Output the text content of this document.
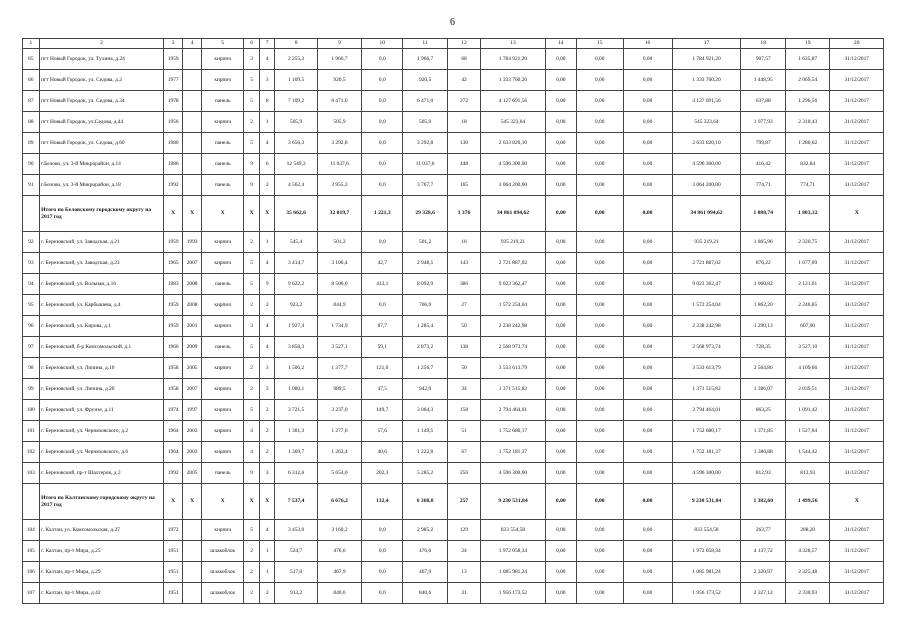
6
1	2	3	4	5	6	7	8	9	10	11	12	13	14	15	16	17	18	19	20
85	пгт Новый Городок, ул. Тухина, д.24	1959		кирпич	3	4	2 255,3	1 966,7	0,0	1 966,7	68	1 784 921,20	0,00	0,00	0,00	1 784 921,20	907,57	1 635,87	31/12/2017
86	пгт Новый Городок, ул. Седова, д.2	1977		кирпич	5	3	1 109,5	920,5	0,0	920,5	42	1 333 760,20	0,00	0,00	0,00	1 333 760,20	1 448,95	2 069,54	31/12/2017
87	пгт Новый Городок, ул. Седова, д.34	1978		панель	5	8	7 109,2	6 471,0	0,0	6 471,0	272	4 127 691,56	0,00	0,00	0,00	4 127 691,56	637,88	1 296,56	31/12/2017
88	пгт Новый Городок, ул.Седова, д.44	1956		кирпич	2	1	505,9	505,9	0,0	505,9	18	545 323,64	0,00	0,00	0,00	545 323,64	1 077,93	2 310,43	31/12/2017
89	пгт Новый Городок, ул. Седова, д.60	1980		панель	5	4	3 656,3	3 292,8	0,0	3 292,8	130	2 633 820,10	0,00	0,00	0,00	2 633 820,10	799,87	1 280,62	31/12/2017
90	г.Белово, ул. 3-й Микрорайон, д.14	1986		панель	9	6	12 549,3	11 037,6	0,0	11 037,6	448	4 596 300,00	0,00	0,00	0,00	4 596 300,00	416,42	832,84	31/12/2017
91	г.Белово, ул. 3-й Микрорайон, д.18	1992		панель	9	2	4 562,4	3 955,3	0,0	3 767,7	165	3 064 200,00	0,00	0,00	0,00	3 064 200,00	774,71	774,71	31/12/2017
	Итого по Беловскому городскому округу на 2017 год	X	X	X	X	X	35 662,6	32 019,7	1 221,3	29 328,6	1 376	34 861 094,62	0,00	0,00	0,00	34 861 094,62	1 088,74	1 803,32	X
92	г. Березовский, ул. Заводская, д.21	1959	1993	кирпич	2	1	545,4	501,2	0,0	501,2	16	935 219,21	0,00	0,00	0,00	935 219,21	1 865,96	2 320,75	31/12/2017
93	г. Березовский, ул. Заводская, д.23	1965	2007	кирпич	5	4	3 414,7	3 106,4	42,7	2 948,5	143	2 721 887,02	0,00	0,00	0,00	2 721 887,02	876,22	1 077,09	31/12/2017
94	г. Березовский, ул. Вольная, д.16	1983	2008	панель	5	9	9 622,2	8 506,0	413,1	8 092,9	386	9 023 362,47	0,00	0,00	0,00	9 023 362,47	1 060,82	2 121,01	31/12/2017
95	г. Березовский, ул. Карбышева, д.4	1959	2008	кирпич	2	2	923,2	844,9	0,0	766,9	27	1 572 254,04	0,00	0,00	0,00	1 572 254,04	1 862,20	2 240,85	31/12/2017
96	г. Березовский, ул. Кирова, д.1	1959	2001	кирпич	3	4	1 927,4	1 734,9	87,7	1 285,4	50	2 238 242,98	0,00	0,00	0,00	2 238 242,98	1 290,13	607,00	31/12/2017
97	г. Березовский, б-р Комсомольский, д.1	1966	2009	панель	5	4	3 858,3	3 527,1	59,1	2 873,2	138	2 568 973,74	0,00	0,00	0,00	2 568 973,74	728,35	3 527,10	31/12/2017
98	г. Березовский, ул. Липина, д.10	1958	2005	кирпич	2	3	1 506,2	1 377,7	121,0	1 256,7	50	3 533 613,79	0,00	0,00	0,00	3 533 613,79	2 564,86	4 109,66	31/12/2017
99	г. Березовский, ул. Липина, д.20	1958	2007	кирпич	2	3	1 080,1	989,5	47,5	942,0	34	1 371 515,82	0,00	0,00	0,00	1 371 515,82	1 386,07	2 039,51	31/12/2017
100	г. Березовский, ул. Фрунзе, д.11	1974	1997	кирпич	5	2	3 721,5	3 237,0	149,7	3 064,3	158	2 794 464,01	0,00	0,00	0,00	2 794 464,01	863,25	1 091,42	31/12/2017
101	г. Березовский, ул. Черняховского, д.2	1964	2003	кирпич	4	2	1 381,3	1 277,6	57,6	1 149,5	51	1 752 680,17	0,00	0,00	0,00	1 752 680,17	1 371,85	1 527,64	31/12/2017
102	г. Березовский, ул. Черняховского, д.6	1964	2003	кирпич	4	2	1 369,7	1 263,4	40,6	1 222,8	67	1 752 181,37	0,00	0,00	0,00	1 752 181,37	1 386,88	1 544,42	31/12/2017
103	г. Березовский, пр-т Шахтеров, д.3	1992	2005	панель	9	3	6 312,6	5 654,0	202,3	5 285,2	256	4 596 300,00	0,00	0,00	0,00	4 596 300,00	812,93	812,93	31/12/2017
	Итого по Калтанскому городскому округу на 2017 год	X	X	X	X	X	7 537,4	6 676,2	132,4	6 368,8	257	9 230 531,84	0,00	0,00	0,00	9 230 531,84	1 382,60	1 499,56	X
104	г. Калтан, ул. Комсомольская, д.27	1972		кирпич	5	4	3 453,0	3 160,2	0,0	2 985,2	129	833 554,58	0,00	0,00	0,00	833 554,58	263,77	288,20	31/12/2017
105	г. Калтан, пр-т Мира, д.25	1951		шлакоблок	2	1	524,7	476,6	0,0	476,6	24	1 972 058,34	0,00	0,00	0,00	1 972 058,34	4 137,72	4 328,57	31/12/2017
106	г. Калтан, пр-т Мира, д.29	1951		шлакоблок	2	1	517,0	467,9	0,0	467,9	13	1 085 981,24	0,00	0,00	0,00	1 085 981,24	2 320,97	2 325,48	31/12/2017
107	г. Калтан, пр-т Мира, д.42	1951		шлакоблок	2	2	913,2	840,6	0,0	840,6	31	1 956 173,52	0,00	0,00	0,00	1 956 173,52	2 327,12	2 330,93	31/12/2017
